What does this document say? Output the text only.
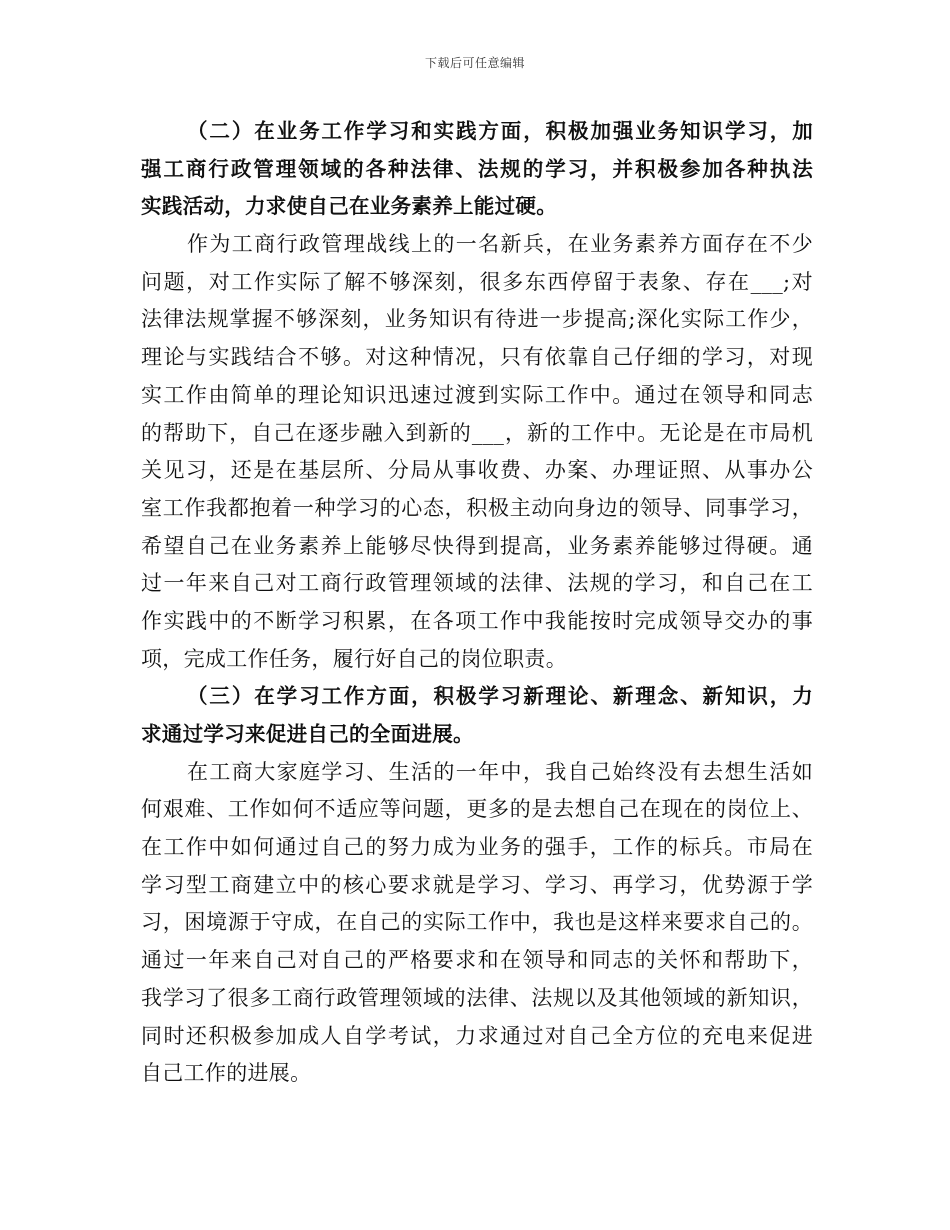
下载后可任意编辑
（二）在业务工作学习和实践方面，积极加强业务知识学习，加
强工商行政管理领域的各种法律、法规的学习，并积极参加各种执法
实践活动，力求使自己在业务素养上能过硬。
作为工商行政管理战线上的一名新兵，在业务素养方面存在不少
问题，对工作实际了解不够深刻，很多东西停留于表象、存在___;对
法律法规掌握不够深刻，业务知识有待进一步提高;深化实际工作少，
理论与实践结合不够。对这种情况，只有依靠自己仔细的学习，对现
实工作由简单的理论知识迅速过渡到实际工作中。通过在领导和同志
的帮助下，自己在逐步融入到新的___，新的工作中。无论是在市局机
关见习，还是在基层所、分局从事收费、办案、办理证照、从事办公
室工作我都抱着一种学习的心态，积极主动向身边的领导、同事学习，
希望自己在业务素养上能够尽快得到提高，业务素养能够过得硬。通
过一年来自己对工商行政管理领域的法律、法规的学习，和自己在工
作实践中的不断学习积累，在各项工作中我能按时完成领导交办的事
项，完成工作任务，履行好自己的岗位职责。
（三）在学习工作方面，积极学习新理论、新理念、新知识，力
求通过学习来促进自己的全面进展。
在工商大家庭学习、生活的一年中，我自己始终没有去想生活如
何艰难、工作如何不适应等问题，更多的是去想自己在现在的岗位上、
在工作中如何通过自己的努力成为业务的强手，工作的标兵。市局在
学习型工商建立中的核心要求就是学习、学习、再学习，优势源于学
习，困境源于守成，在自己的实际工作中，我也是这样来要求自己的。
通过一年来自己对自己的严格要求和在领导和同志的关怀和帮助下，
我学习了很多工商行政管理领域的法律、法规以及其他领域的新知识，
同时还积极参加成人自学考试，力求通过对自己全方位的充电来促进
自己工作的进展。
